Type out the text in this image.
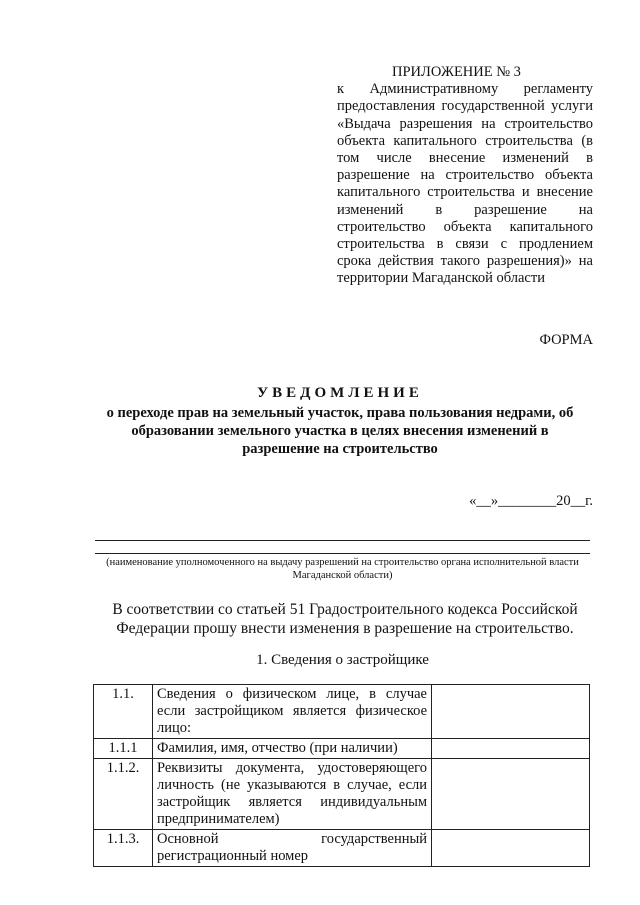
ПРИЛОЖЕНИЕ № 3
к Административному регламенту предоставления государственной услуги «Выдача разрешения на строительство объекта капитального строительства (в том числе внесение изменений в разрешение на строительство объекта капитального строительства и внесение изменений в разрешение на строительство объекта капитального строительства в связи с продлением срока действия такого разрешения)» на территории Магаданской области
ФОРМА
УВЕДОМЛЕНИЕ
о переходе прав на земельный участок, права пользования недрами, об образовании земельного участка в целях внесения изменений в разрешение на строительство
«__»________20__г.
(наименование уполномоченного на выдачу разрешений на строительство органа исполнительной власти Магаданской области)
В соответствии со статьей 51 Градостроительного кодекса Российской Федерации прошу внести изменения в разрешение на строительство.
1. Сведения о застройщике
1.1.	Сведения о физическом лице, в случае если застройщиком является физическое лицо:	
1.1.1	Фамилия, имя, отчество (при наличии)	
1.1.2.	Реквизиты документа, удостоверяющего личность (не указываются в случае, если застройщик является индивидуальным предпринимателем)	
1.1.3.	Основной государственный регистрационный номер	
